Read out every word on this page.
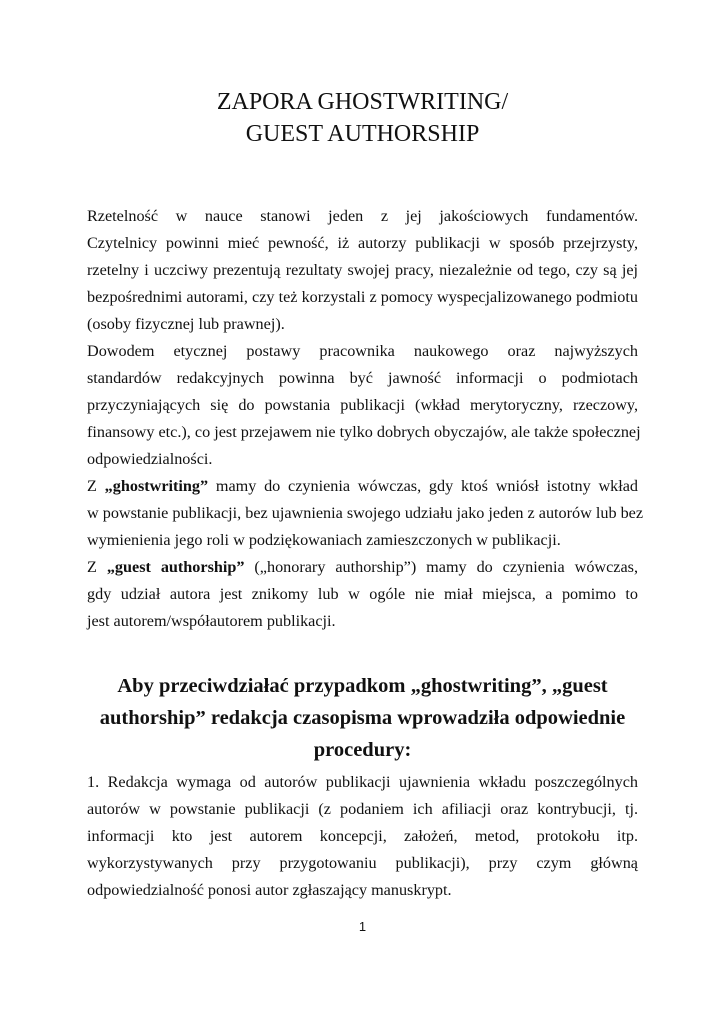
ZAPORA GHOSTWRITING/
GUEST AUTHORSHIP
Rzetelność w nauce stanowi jeden z jej jakościowych fundamentów.
Czytelnicy powinni mieć pewność, iż autorzy publikacji w sposób przejrzysty,
rzetelny i uczciwy prezentują rezultaty swojej pracy, niezależnie od tego, czy są jej
bezpośrednimi autorami, czy też korzystali z pomocy wyspecjalizowanego podmiotu
(osoby fizycznej lub prawnej).
Dowodem etycznej postawy pracownika naukowego oraz najwyższych
standardów redakcyjnych powinna być jawność informacji o podmiotach
przyczyniających się do powstania publikacji (wkład merytoryczny, rzeczowy,
finansowy etc.), co jest przejawem nie tylko dobrych obyczajów, ale także społecznej
odpowiedzialności.
Z „ghostwriting” mamy do czynienia wówczas, gdy ktoś wniósł istotny wkład
w powstanie publikacji, bez ujawnienia swojego udziału jako jeden z autorów lub bez
wymienienia jego roli w podziękowaniach zamieszczonych w publikacji.
Z „guest authorship” („honorary authorship”) mamy do czynienia wówczas,
gdy udział autora jest znikomy lub w ogóle nie miał miejsca, a pomimo to
jest autorem/współautorem publikacji.
Aby przeciwdziałać przypadkom „ghostwriting”, „guest
authorship” redakcja czasopisma wprowadziła odpowiednie
procedury:
1. Redakcja wymaga od autorów publikacji ujawnienia wkładu poszczególnych
autorów w powstanie publikacji (z podaniem ich afiliacji oraz kontrybucji, tj.
informacji kto jest autorem koncepcji, założeń, metod, protokołu itp.
wykorzystywanych przy przygotowaniu publikacji), przy czym główną
odpowiedzialność ponosi autor zgłaszający manuskrypt.
1
